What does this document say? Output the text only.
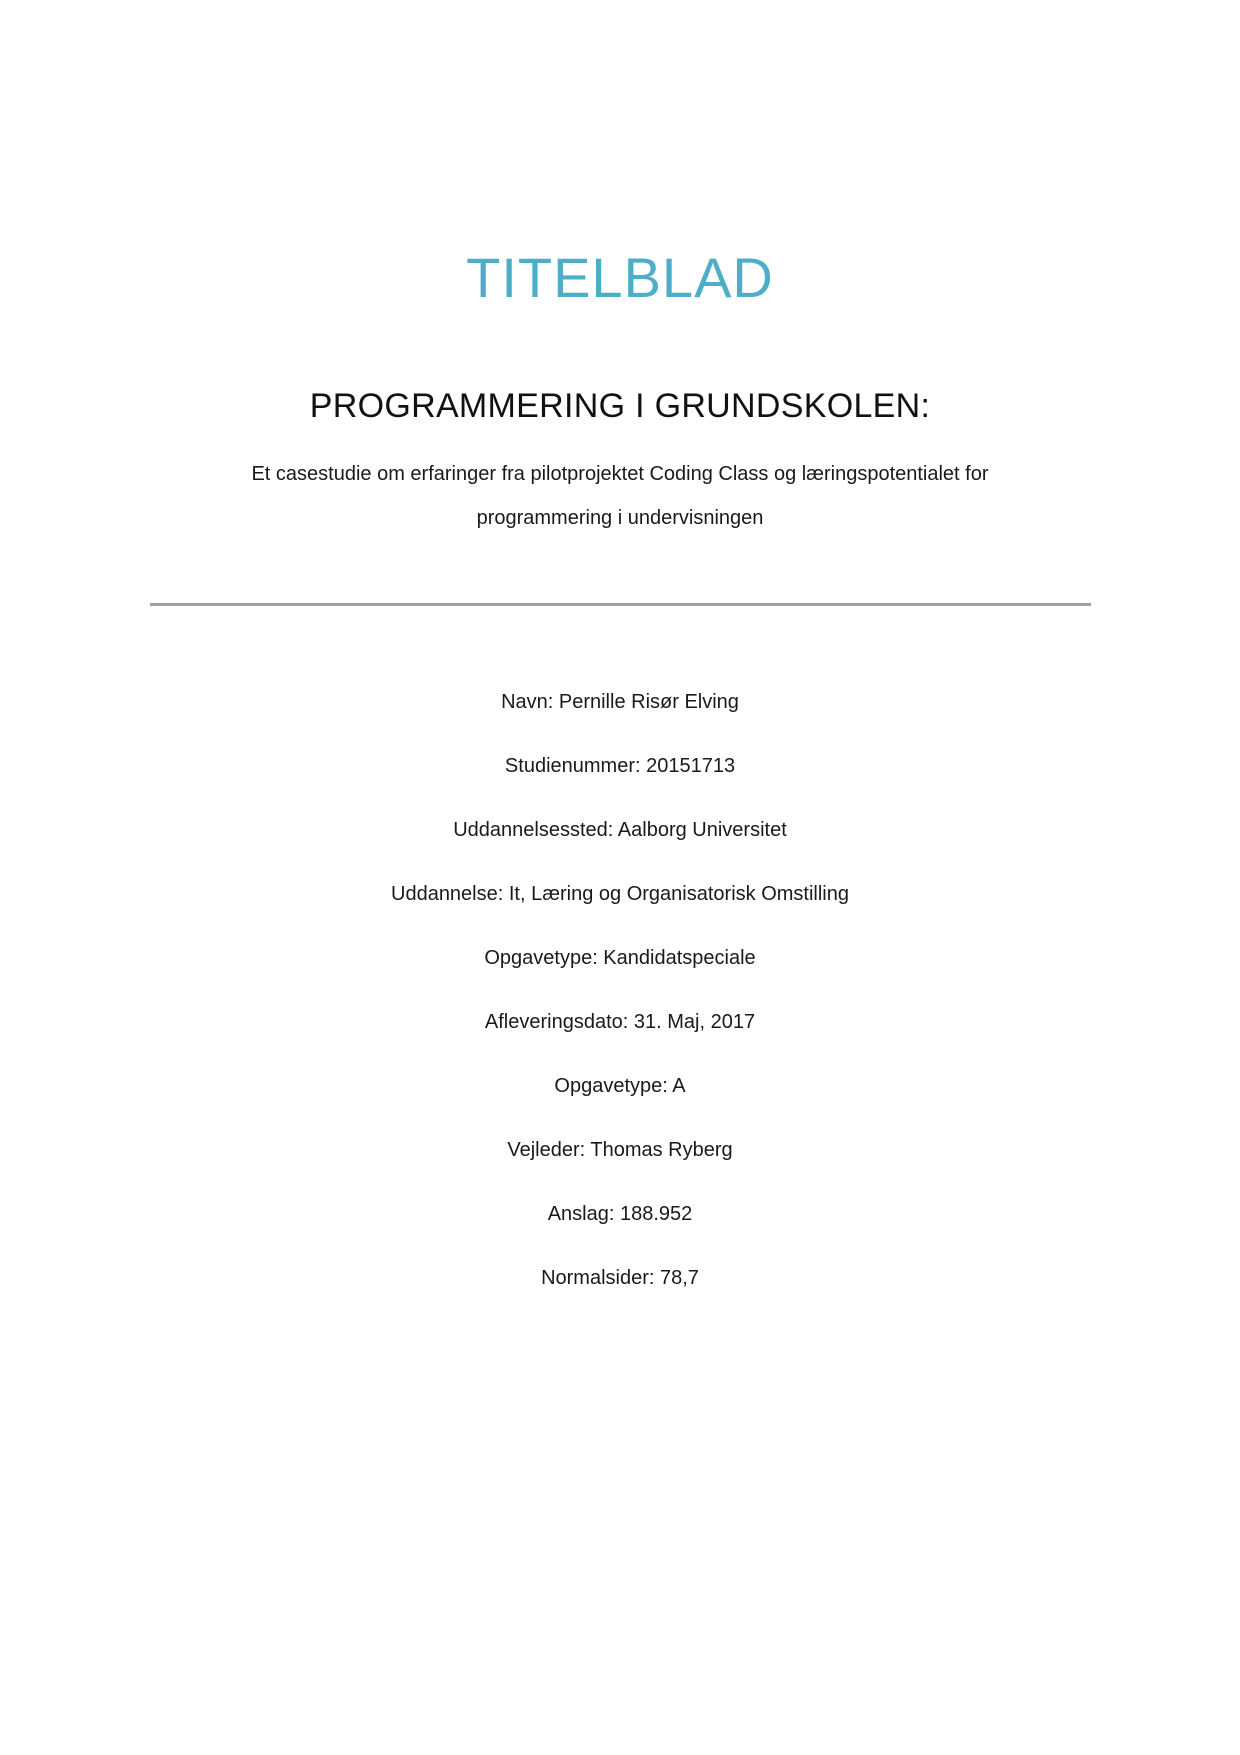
TITELBLAD
PROGRAMMERING I GRUNDSKOLEN:
Et casestudie om erfaringer fra pilotprojektet Coding Class og læringspotentialet for programmering i undervisningen
Navn: Pernille Risør Elving
Studienummer: 20151713
Uddannelsessted: Aalborg Universitet
Uddannelse: It, Læring og Organisatorisk Omstilling
Opgavetype: Kandidatspeciale
Afleveringsdato: 31. Maj, 2017
Opgavetype: A
Vejleder: Thomas Ryberg
Anslag: 188.952
Normalsider: 78,7
